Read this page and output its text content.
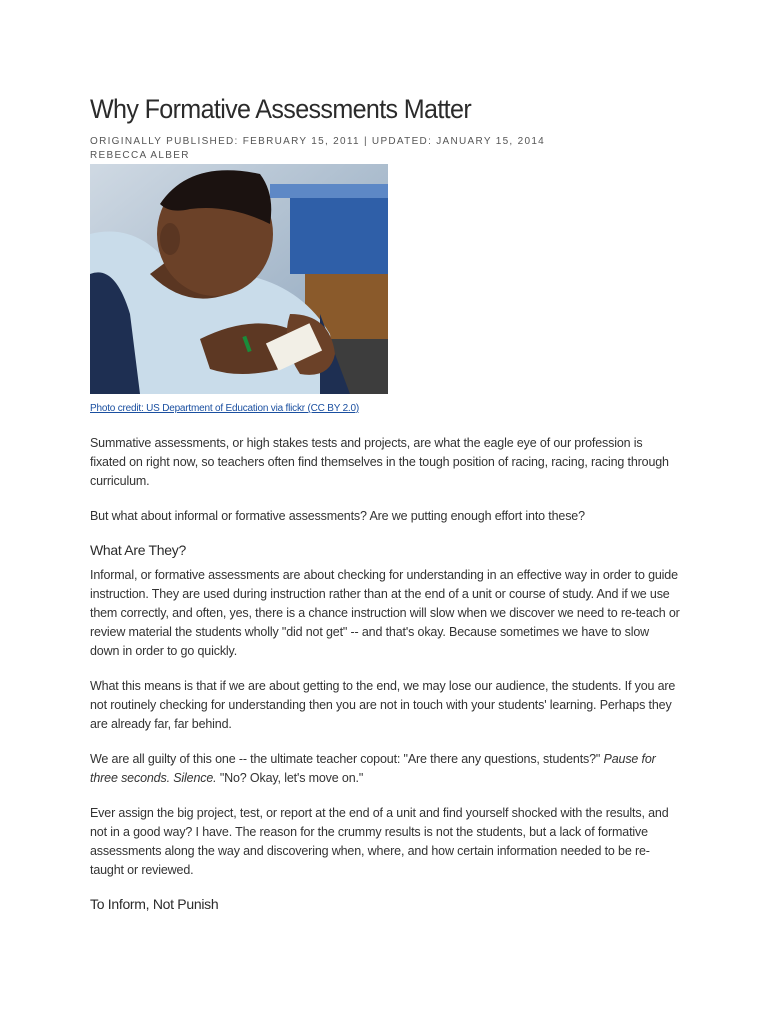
Why Formative Assessments Matter
ORIGINALLY PUBLISHED: FEBRUARY 15, 2011 | UPDATED: JANUARY 15, 2014
REBECCA ALBER
Photo credit: US Department of Education via flickr (CC BY 2.0)

Summative assessments, or high stakes tests and projects, are what the eagle eye of our profession is fixated on right now, so teachers often find themselves in the tough position of racing, racing, racing through curriculum.

But what about informal or formative assessments? Are we putting enough effort into these?

What Are They?

Informal, or formative assessments are about checking for understanding in an effective way in order to guide instruction. They are used during instruction rather than at the end of a unit or course of study. And if we use them correctly, and often, yes, there is a chance instruction will slow when we discover we need to re-teach or review material the students wholly "did not get" -- and that's okay. Because sometimes we have to slow down in order to go quickly.

What this means is that if we are about getting to the end, we may lose our audience, the students. If you are not routinely checking for understanding then you are not in touch with your students' learning. Perhaps they are already far, far behind.

We are all guilty of this one -- the ultimate teacher copout: "Are there any questions, students?" Pause for three seconds. Silence. "No? Okay, let's move on."

Ever assign the big project, test, or report at the end of a unit and find yourself shocked with the results, and not in a good way? I have. The reason for the crummy results is not the students, but a lack of formative assessments along the way and discovering when, where, and how certain information needed to be re-taught or reviewed.

To Inform, Not Punish
